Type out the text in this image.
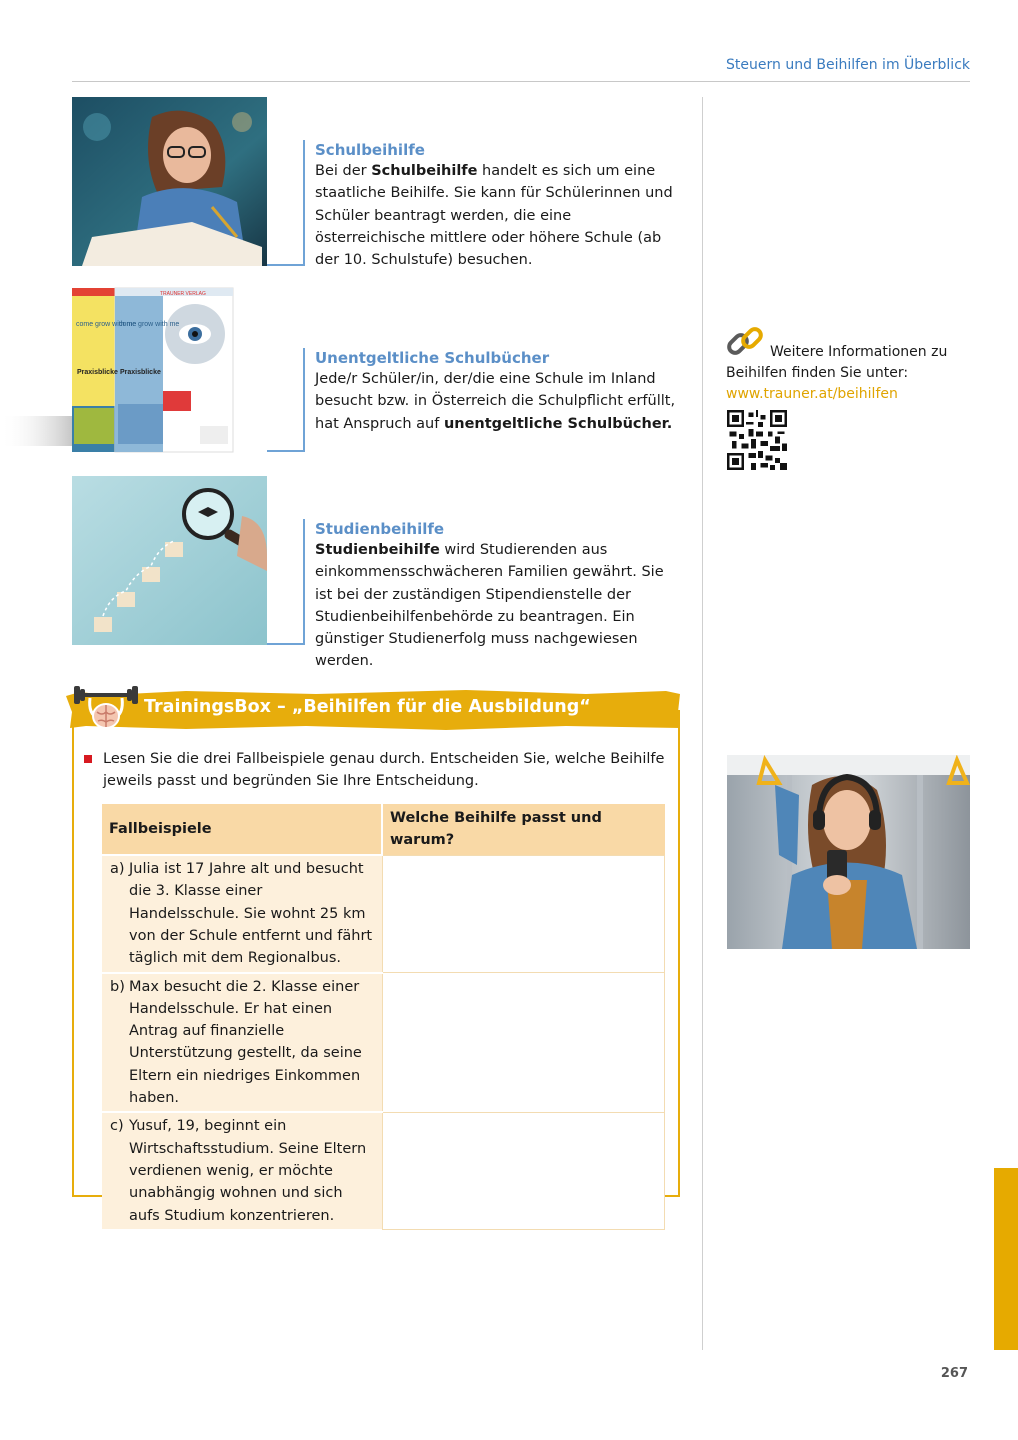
Steuern und Beihilfen im Überblick
Schulbeihilfe
Bei der Schulbeihilfe handelt es sich um eine staatliche Beihilfe. Sie kann für Schülerinnen und Schüler beantragt werden, die eine österreichische mittlere oder höhere Schule (ab der 10. Schulstufe) besuchen.
TRAUNER VERLAG
Praxisblicke Praxisblicke
come grow with me
come grow with me
Unentgeltliche Schulbücher
Jede/r Schüler/in, der/die eine Schule im Inland besucht bzw. in Österreich die Schulpflicht erfüllt, hat Anspruch auf unentgeltliche Schulbücher.
Studienbeihilfe
Studienbeihilfe wird Studierenden aus einkommensschwächeren Familien gewährt. Sie ist bei der zuständigen Stipendienstelle der Studienbeihilfenbehörde zu beantragen. Ein günstiger Studienerfolg muss nachgewiesen werden.
Weitere Informationen zu Beihilfen finden Sie unter:
www.trauner.at/beihilfen
TrainingsBox – „Beihilfen für die Ausbildung“
Lesen Sie die drei Fallbeispiele genau durch. Entscheiden Sie, welche Beihilfe jeweils passt und begründen Sie Ihre Entscheidung.
Fallbeispiele	Welche Beihilfe passt und warum?

a) Julia ist 17 Jahre alt und besucht die 3. Klasse einer Handelsschule. Sie wohnt 25 km von der Schule entfernt und fährt täglich mit dem Regionalbus.	

b) Max besucht die 2. Klasse einer Handelsschule. Er hat einen Antrag auf finanzielle Unterstützung gestellt, da seine Eltern ein niedriges Einkommen haben.	

c) Yusuf, 19, beginnt ein Wirtschaftsstudium. Seine Eltern verdienen wenig, er möchte unabhängig wohnen und sich aufs Studium konzentrieren.	

267
